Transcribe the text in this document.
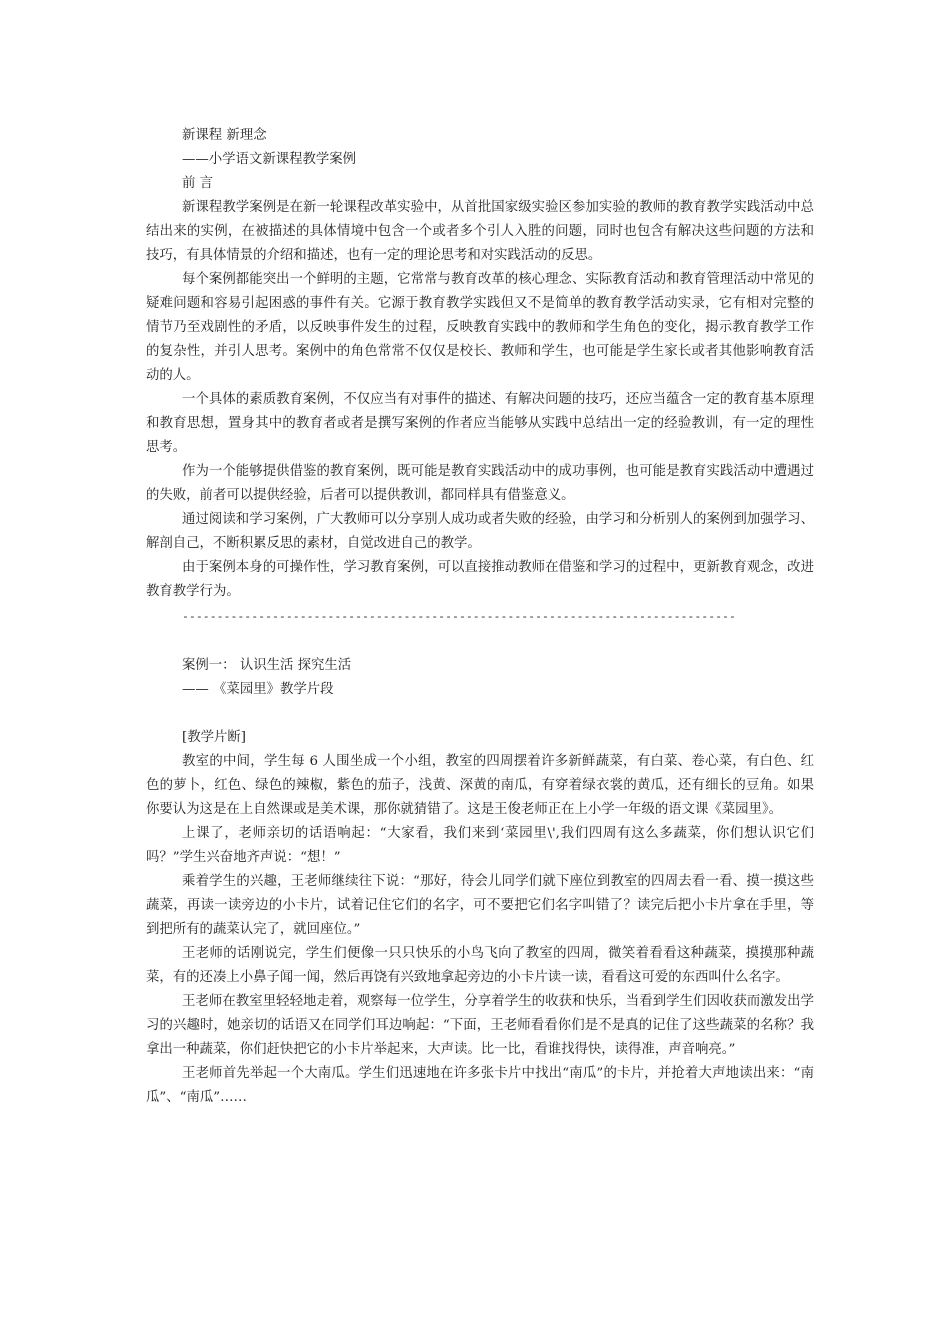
新课程 新理念

——小学语文新课程教学案例

前 言

新课程教学案例是在新一轮课程改革实验中，从首批国家级实验区参加实验的教师的教育教学实践活动中总结出来的实例，在被描述的具体情境中包含一个或者多个引人入胜的问题，同时也包含有解决这些问题的方法和技巧，有具体情景的介绍和描述，也有一定的理论思考和对实践活动的反思。

每个案例都能突出一个鲜明的主题，它常常与教育改革的核心理念、实际教育活动和教育管理活动中常见的疑难问题和容易引起困惑的事件有关。它源于教育教学实践但又不是简单的教育教学活动实录，它有相对完整的情节乃至戏剧性的矛盾，以反映事件发生的过程，反映教育实践中的教师和学生角色的变化，揭示教育教学工作的复杂性，并引人思考。案例中的角色常常不仅仅是校长、教师和学生，也可能是学生家长或者其他影响教育活动的人。

一个具体的素质教育案例，不仅应当有对事件的描述、有解决问题的技巧，还应当蕴含一定的教育基本原理和教育思想，置身其中的教育者或者是撰写案例的作者应当能够从实践中总结出一定的经验教训，有一定的理性思考。

作为一个能够提供借鉴的教育案例，既可能是教育实践活动中的成功事例，也可能是教育实践活动中遭遇过的失败，前者可以提供经验，后者可以提供教训，都同样具有借鉴意义。

通过阅读和学习案例，广大教师可以分享别人成功或者失败的经验，由学习和分析别人的案例到加强学习、解剖自己，不断积累反思的素材，自觉改进自己的教学。

由于案例本身的可操作性，学习教育案例，可以直接推动教师在借鉴和学习的过程中，更新教育观念，改进教育教学行为。

--------------------------------------------------------------------------------

案例一： 认识生活 探究生活

—— 《菜园里》教学片段

[教学片断]

教室的中间，学生每 6 人围坐成一个小组，教室的四周摆着许多新鲜蔬菜，有白菜、卷心菜，有白色、红色的萝卜，红色、绿色的辣椒，紫色的茄子，浅黄、深黄的南瓜，有穿着绿衣裳的黄瓜，还有细长的豆角。如果你要认为这是在上自然课或是美术课，那你就猜错了。这是王俊老师正在上小学一年级的语文课《菜园里》。

上课了，老师亲切的话语响起：“大家看，我们来到‘菜园里\',我们四周有这么多蔬菜，你们想认识它们吗？”学生兴奋地齐声说：“想！”

乘着学生的兴趣，王老师继续往下说：“那好，待会儿同学们就下座位到教室的四周去看一看、摸一摸这些蔬菜，再读一读旁边的小卡片，试着记住它们的名字，可不要把它们名字叫错了？读完后把小卡片拿在手里，等到把所有的蔬菜认完了，就回座位。”

王老师的话刚说完，学生们便像一只只快乐的小鸟飞向了教室的四周，微笑着看看这种蔬菜，摸摸那种蔬菜，有的还凑上小鼻子闻一闻，然后再饶有兴致地拿起旁边的小卡片读一读，看看这可爱的东西叫什么名字。

王老师在教室里轻轻地走着，观察每一位学生，分享着学生的收获和快乐，当看到学生们因收获而激发出学习的兴趣时，她亲切的话语又在同学们耳边响起：“下面，王老师看看你们是不是真的记住了这些蔬菜的名称？我拿出一种蔬菜，你们赶快把它的小卡片举起来，大声读。比一比，看谁找得快，读得准，声音响亮。”

王老师首先举起一个大南瓜。学生们迅速地在许多张卡片中找出“南瓜”的卡片，并抢着大声地读出来：“南瓜”、“南瓜”……
